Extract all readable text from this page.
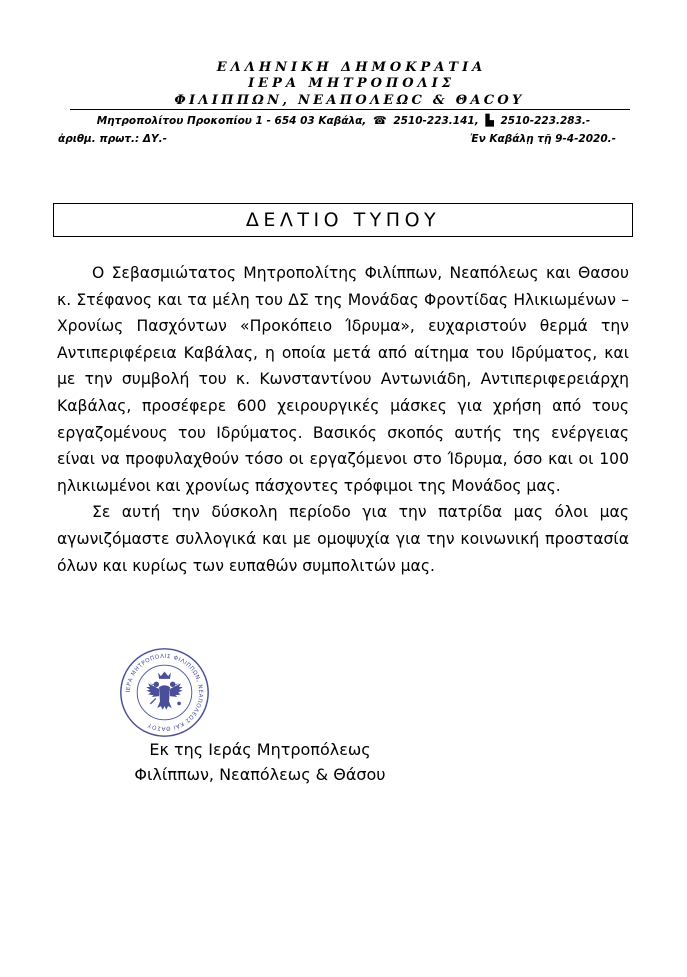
ΕΛΛΗΝΙΚΗ ΔΗΜΟΚΡΑΤΙΑ
ΙΕΡΑ ΜΗΤΡΟΠΟΛΙΣ
ΦΙΛΙΠΠΩΝ, ΝΕΑΠΟΛΕΩϹ & ΘΑϹΟΥ
Μητροπολίτου Προκοπίου 1 - 654 03 Καβάλα, ☎ 2510-223.141, ▙ 2510-223.283.-
ἀριθμ. πρωτ.: ΔΥ.-	Ἐν Καβάλῃ τῇ 9-4-2020.-
ΔΕΛΤΙΟ ΤΥΠΟΥ

Ο Σεβασμιώτατος Μητροπολίτης Φιλίππων, Νεαπόλεως και Θασου κ. Στέφανος και τα μέλη του ΔΣ της Μονάδας Φροντίδας Ηλικιωμένων – Χρονίως Πασχόντων «Προκόπειο Ίδρυμα», ευχαριστούν θερμά την Αντιπεριφέρεια Καβάλας, η οποία μετά από αίτημα του Ιδρύματος, και με την συμβολή του κ. Κωνσταντίνου Αντωνιάδη, Αντιπεριφερειάρχη Καβάλας, προσέφερε 600 χειρουργικές μάσκες για χρήση από τους εργαζομένους του Ιδρύματος. Βασικός σκοπός αυτής της ενέργειας είναι να προφυλαχθούν τόσο οι εργαζόμενοι στο Ίδρυμα, όσο και οι 100 ηλικιωμένοι και χρονίως πάσχοντες τρόφιμοι της Μονάδος μας.

Σε αυτή την δύσκολη περίοδο για την πατρίδα μας όλοι μας αγωνιζόμαστε συλλογικά και με ομοψυχία για την κοινωνική προστασία όλων και κυρίως των ευπαθών συμπολιτών μας.

ΙΕΡΑ ΜΗΤΡΟΠΟΛΙΣ ΦΙΛΙΠΠΩΝ, ΝΕΑΠΟΛΕΩΣ ΚΑΙ ΘΑΣΟΥ
Εκ της Ιεράς Μητροπόλεως
Φιλίππων, Νεαπόλεως & Θάσου
